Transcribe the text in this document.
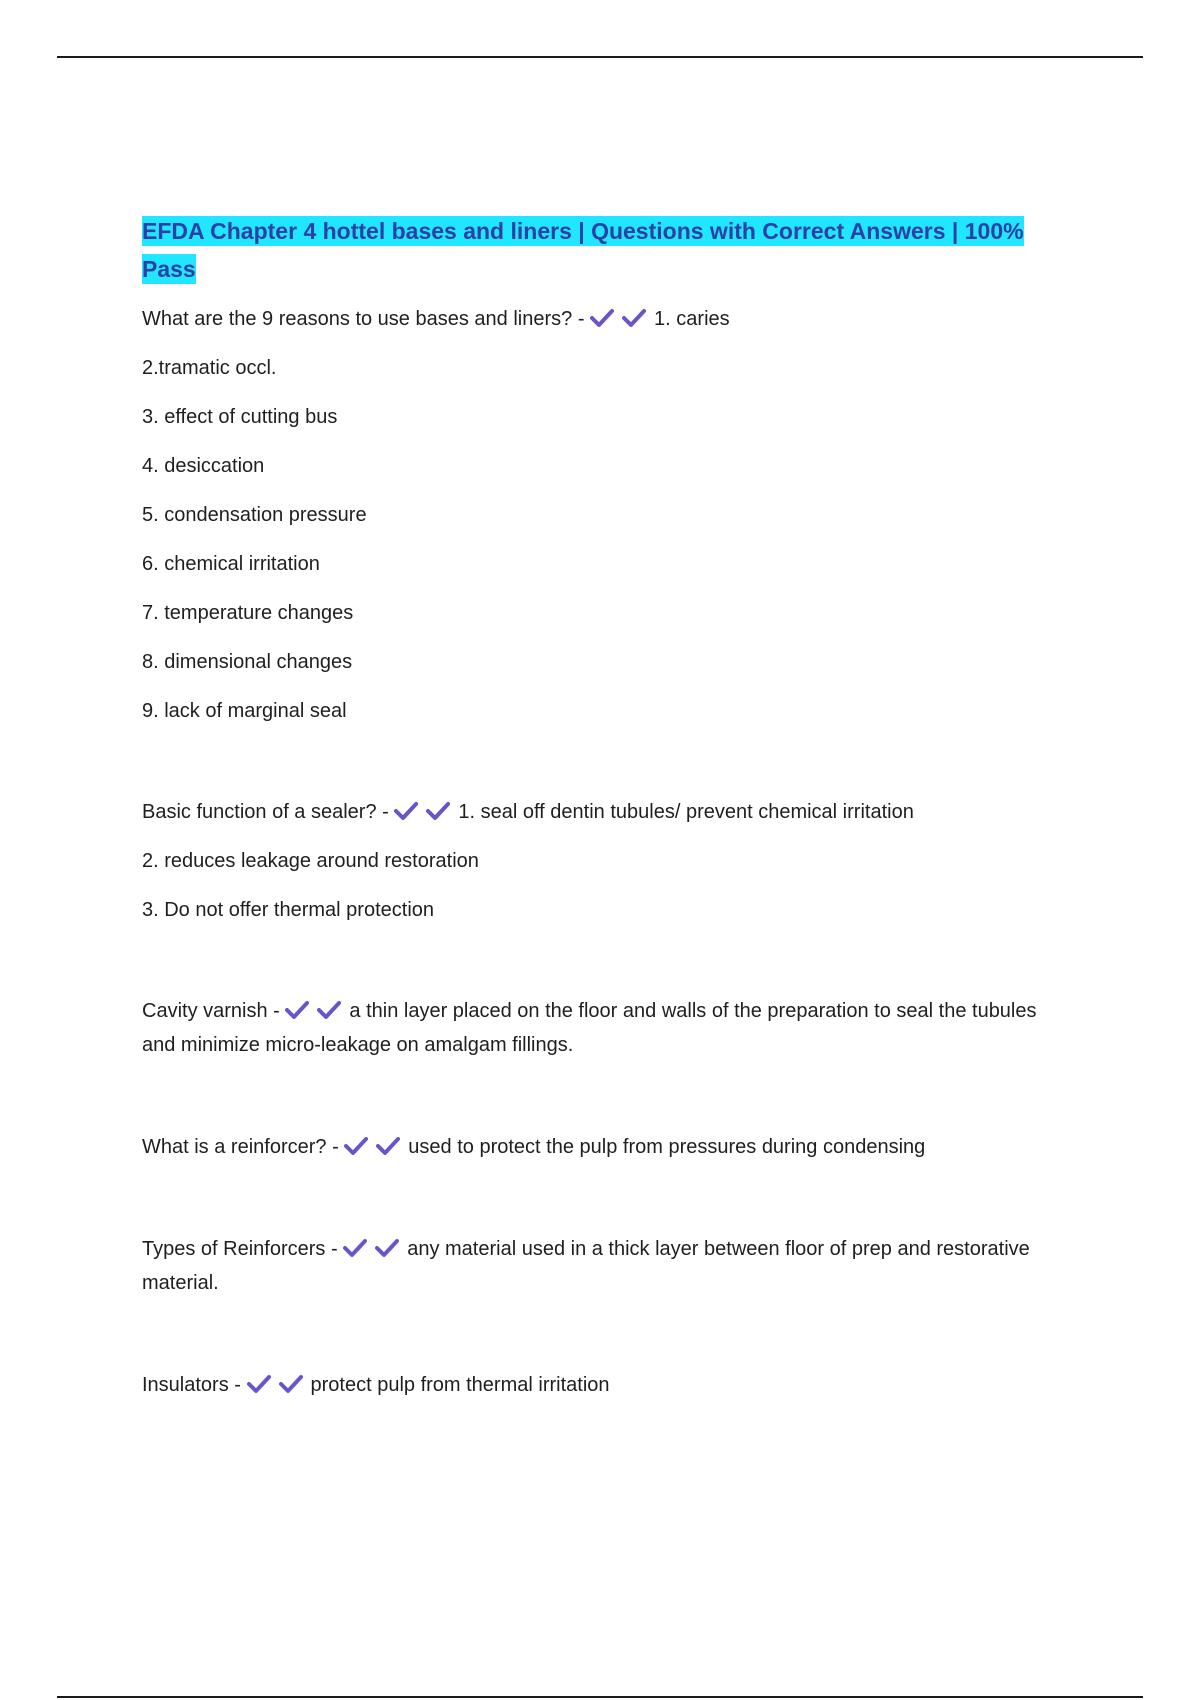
EFDA Chapter 4 hottel bases and liners | Questions with Correct Answers | 100% Pass
What are the 9 reasons to use bases and liners? -	1. caries
2.tramatic occl.
3. effect of cutting bus
4. desiccation
5. condensation pressure
6. chemical irritation
7. temperature changes
8. dimensional changes
9. lack of marginal seal
Basic function of a sealer? -	1. seal off dentin tubules/ prevent chemical irritation
2. reduces leakage around restoration
3. Do not offer thermal protection

Cavity varnish -	a thin layer placed on the floor and walls of the preparation to seal the tubules and minimize micro-leakage on amalgam fillings.

What is a reinforcer? -	used to protect the pulp from pressures during condensing

Types of Reinforcers -	any material used in a thick layer between floor of prep and restorative material.

Insulators -	protect pulp from thermal irritation
